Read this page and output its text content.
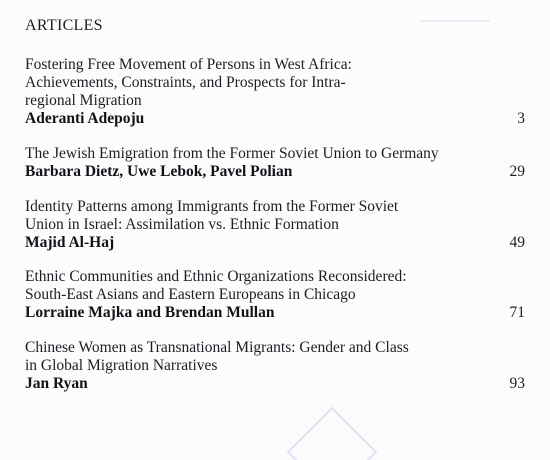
ARTICLES
Fostering Free Movement of Persons in West Africa:
Achievements, Constraints, and Prospects for Intra-
regional Migration
Aderanti Adepoju	3
The Jewish Emigration from the Former Soviet Union to Germany
Barbara Dietz, Uwe Lebok, Pavel Polian	29
Identity Patterns among Immigrants from the Former Soviet
Union in Israel: Assimilation vs. Ethnic Formation
Majid Al-Haj	49
Ethnic Communities and Ethnic Organizations Reconsidered:
South-East Asians and Eastern Europeans in Chicago
Lorraine Majka and Brendan Mullan	71
Chinese Women as Transnational Migrants: Gender and Class
in Global Migration Narratives
Jan Ryan	93
